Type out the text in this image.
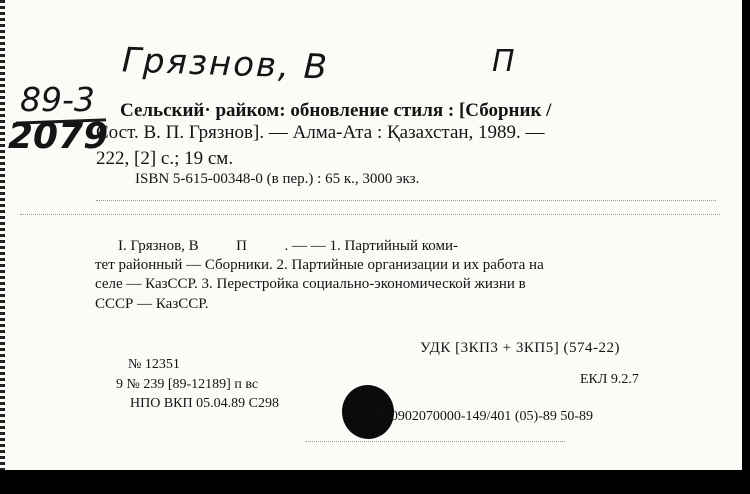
Грязнов, В	П
89-3
2079
Сельский· райком: обновление стиля : [Сборник /
Сост. В. П. Грязнов]. — Алма-Ата : Қазахстан, 1989. —
222, [2] с.; 19 см.
ISBN 5-615-00348-0 (в пер.) : 65 к., 3000 экз.
I. Грязнов, В          П          . — — 1. Партийный коми-
тет районный — Сборники. 2. Партийные организации и их работа на
селе — КазССР. 3. Перестройка социально-экономической жизни в
СССР — КазССР.
УДК [3КП3 + 3КП5] (574-22)
№ 12351
ЕКЛ 9.2.7
9 № 239 [89-12189] п вс
НПО ВКП 05.04.89 С298
С 0902070000-149/401 (05)-89 50-89
